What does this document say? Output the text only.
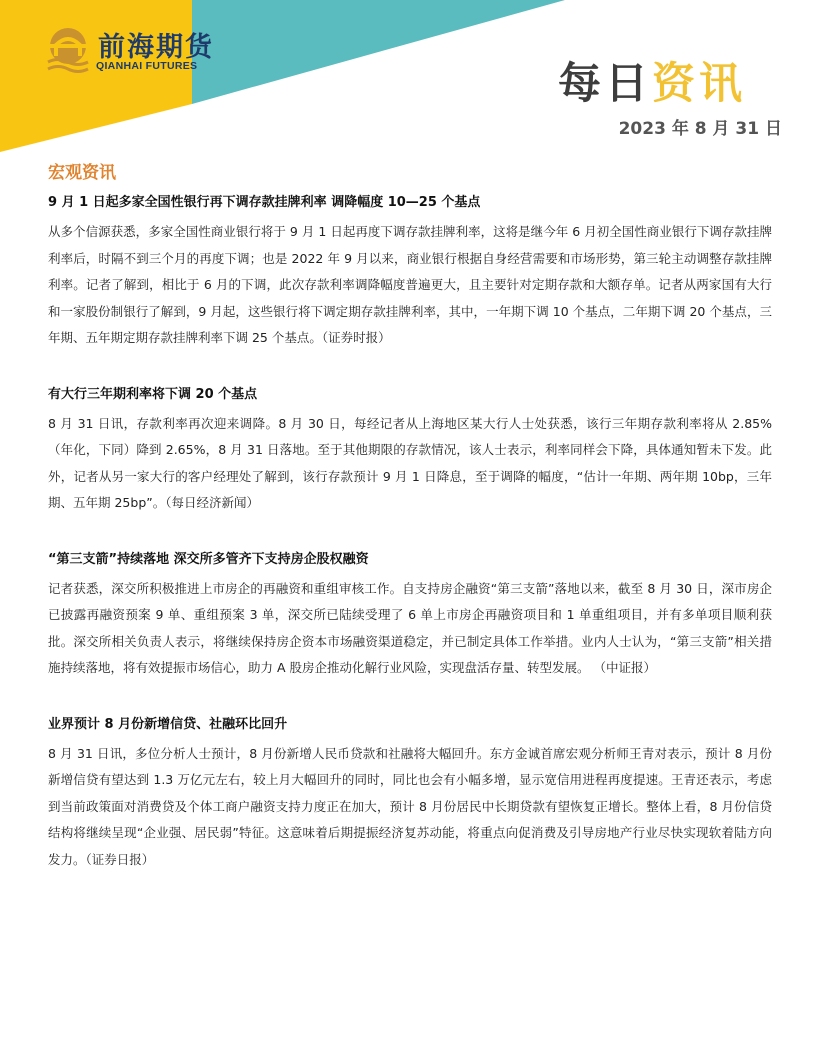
前海期货
QIANHAI FUTURES	每日资讯
2023 年 8 月 31 日
宏观资讯
9 月 1 日起多家全国性银行再下调存款挂牌利率 调降幅度 10—25 个基点

从多个信源获悉，多家全国性商业银行将于 9 月 1 日起再度下调存款挂牌利率，这将是继今年 6 月初全国性商业银行下调存款挂牌利率后，时隔不到三个月的再度下调；也是 2022 年 9 月以来，商业银行根据自身经营需要和市场形势，第三轮主动调整存款挂牌利率。记者了解到，相比于 6 月的下调，此次存款利率调降幅度普遍更大，且主要针对定期存款和大额存单。记者从两家国有大行和一家股份制银行了解到，9 月起，这些银行将下调定期存款挂牌利率，其中，一年期下调 10 个基点，二年期下调 20 个基点，三年期、五年期定期存款挂牌利率下调 25 个基点。（证券时报）

有大行三年期利率将下调 20 个基点

8 月 31 日讯，存款利率再次迎来调降。8 月 30 日，每经记者从上海地区某大行人士处获悉，该行三年期存款利率将从 2.85%（年化，下同）降到 2.65%，8 月 31 日落地。至于其他期限的存款情况，该人士表示，利率同样会下降，具体通知暂未下发。此外，记者从另一家大行的客户经理处了解到，该行存款预计 9 月 1 日降息，至于调降的幅度，“估计一年期、两年期 10bp，三年期、五年期 25bp”。（每日经济新闻）

“第三支箭”持续落地 深交所多管齐下支持房企股权融资

记者获悉，深交所积极推进上市房企的再融资和重组审核工作。自支持房企融资“第三支箭”落地以来，截至 8 月 30 日，深市房企已披露再融资预案 9 单、重组预案 3 单，深交所已陆续受理了 6 单上市房企再融资项目和 1 单重组项目，并有多单项目顺利获批。深交所相关负责人表示，将继续保持房企资本市场融资渠道稳定，并已制定具体工作举措。业内人士认为，“第三支箭”相关措施持续落地，将有效提振市场信心，助力 A 股房企推动化解行业风险，实现盘活存量、转型发展。 （中证报）

业界预计 8 月份新增信贷、社融环比回升

8 月 31 日讯，多位分析人士预计，8 月份新增人民币贷款和社融将大幅回升。东方金诚首席宏观分析师王青对表示，预计 8 月份新增信贷有望达到 1.3 万亿元左右，较上月大幅回升的同时，同比也会有小幅多增，显示宽信用进程再度提速。王青还表示，考虑到当前政策面对消费贷及个体工商户融资支持力度正在加大，预计 8 月份居民中长期贷款有望恢复正增长。整体上看，8 月份信贷结构将继续呈现“企业强、居民弱”特征。这意味着后期提振经济复苏动能，将重点向促消费及引导房地产行业尽快实现软着陆方向发力。（证券日报）
